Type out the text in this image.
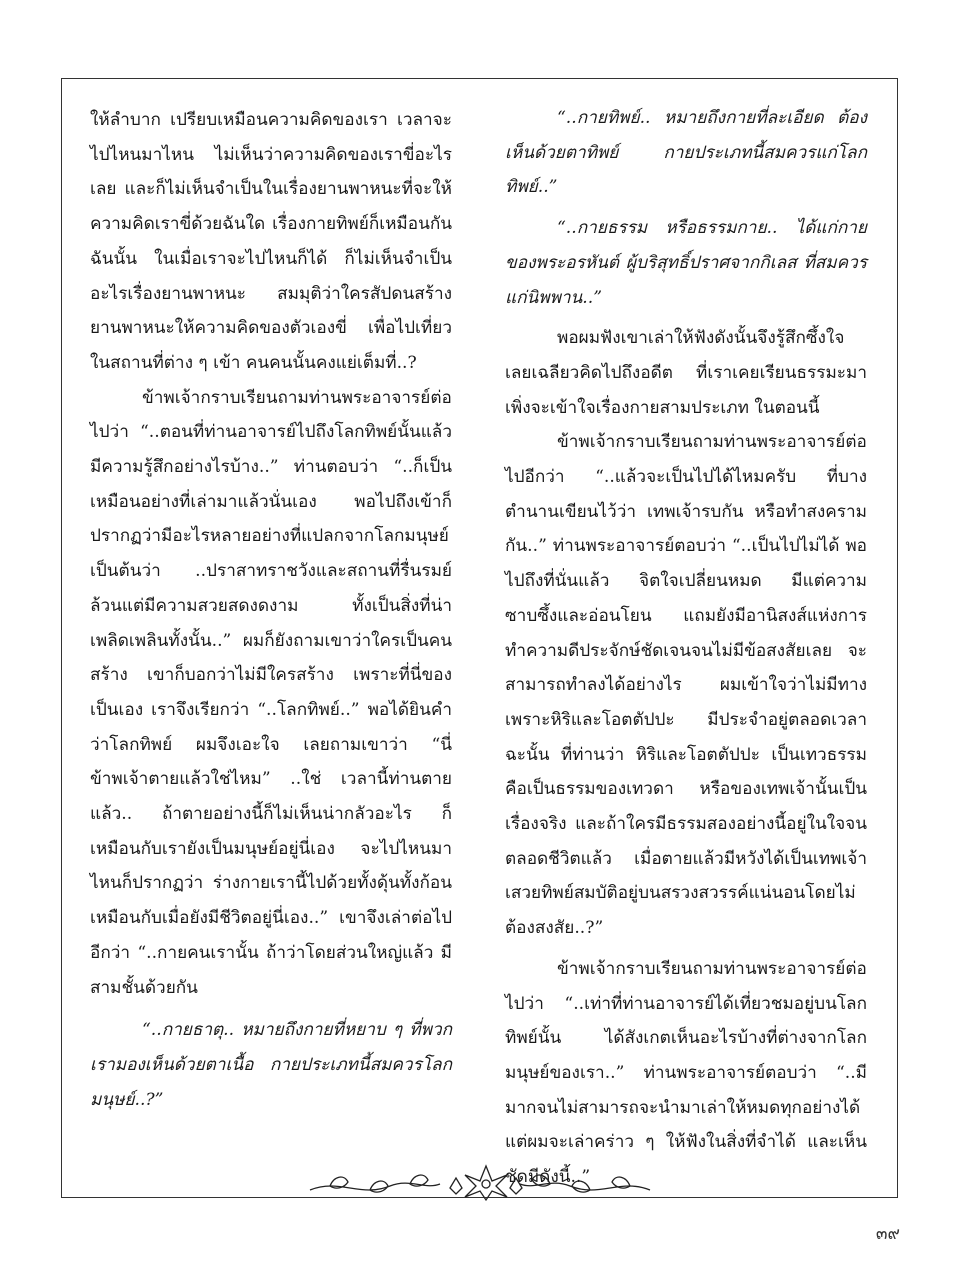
ให้ลำบาก เปรียบเหมือนความคิดของเรา เวลาจะไปไหนมาไหน ไม่เห็นว่าความคิดของเราขี่อะไรเลย และก็ไม่เห็นจำเป็นในเรื่องยานพาหนะที่จะให้ความคิดเราขี่ด้วยฉันใด เรื่องกายทิพย์ก็เหมือนกันฉันนั้น ในเมื่อเราจะไปไหนก็ได้ ก็ไม่เห็นจำเป็นอะไรเรื่องยานพาหนะ สมมุติว่าใครสัปดนสร้างยานพาหนะให้ความคิดของตัวเองขี่ เพื่อไปเที่ยวในสถานที่ต่าง ๆ เข้า คนคนนั้นคงแย่เต็มที่..?

ข้าพเจ้ากราบเรียนถามท่านพระอาจารย์ต่อไปว่า “..ตอนที่ท่านอาจารย์ไปถึงโลกทิพย์นั้นแล้ว มีความรู้สึกอย่างไรบ้าง..” ท่านตอบว่า “..ก็เป็นเหมือนอย่างที่เล่ามาแล้วนั่นเอง พอไปถึงเข้าก็ปรากฏว่ามีอะไรหลายอย่างที่แปลกจากโลกมนุษย์ เป็นต้นว่า ..ปราสาทราชวังและสถานที่รื่นรมย์ล้วนแต่มีความสวยสดงดงาม ทั้งเป็นสิ่งที่น่าเพลิดเพลินทั้งนั้น..” ผมก็ยังถามเขาว่าใครเป็นคนสร้าง เขาก็บอกว่าไม่มีใครสร้าง เพราะที่นี่ของเป็นเอง เราจึงเรียกว่า “..โลกทิพย์..” พอได้ยินคำว่าโลกทิพย์ ผมจึงเอะใจ เลยถามเขาว่า “นี่ข้าพเจ้าตายแล้วใช่ไหม” ..ใช่ เวลานี้ท่านตายแล้ว.. ถ้าตายอย่างนี้ก็ไม่เห็นน่ากลัวอะไร ก็เหมือนกับเรายังเป็นมนุษย์อยู่นี่เอง จะไปไหนมาไหนก็ปรากฏว่า ร่างกายเรานี้ไปด้วยทั้งดุ้นทั้งก้อน เหมือนกับเมื่อยังมีชีวิตอยู่นี่เอง..” เขาจึงเล่าต่อไปอีกว่า “..กายคนเรานั้น ถ้าว่าโดยส่วนใหญ่แล้ว มีสามชั้นด้วยกัน

“..กายธาตุ.. หมายถึงกายที่หยาบ ๆ ที่พวกเรามองเห็นด้วยตาเนื้อ กายประเภทนี้สมควรโลกมนุษย์..?”

“..กายทิพย์.. หมายถึงกายที่ละเอียด ต้องเห็นด้วยตาทิพย์ กายประเภทนี้สมควรแก่โลกทิพย์..”

“..กายธรรม หรือธรรมกาย.. ได้แก่กายของพระอรหันต์ ผู้บริสุทธิ์ปราศจากกิเลส ที่สมควรแก่นิพพาน..”

พอผมฟังเขาเล่าให้ฟังดังนั้นจึงรู้สึกซึ้งใจ เลยเฉลียวคิดไปถึงอดีต ที่เราเคยเรียนธรรมะมา เพิ่งจะเข้าใจเรื่องกายสามประเภท ในตอนนี้

ข้าพเจ้ากราบเรียนถามท่านพระอาจารย์ต่อไปอีกว่า “..แล้วจะเป็นไปได้ไหมครับ ที่บางตำนานเขียนไว้ว่า เทพเจ้ารบกัน หรือทำสงครามกัน..” ท่านพระอาจารย์ตอบว่า “..เป็นไปไม่ได้ พอไปถึงที่นั่นแล้ว จิตใจเปลี่ยนหมด มีแต่ความซาบซึ้งและอ่อนโยน แถมยังมีอานิสงส์แห่งการทำความดีประจักษ์ชัดเจนจนไม่มีข้อสงสัยเลย จะสามารถทำลงได้อย่างไร ผมเข้าใจว่าไม่มีทาง เพราะหิริและโอตตัปปะ มีประจำอยู่ตลอดเวลา ฉะนั้น ที่ท่านว่า หิริและโอตตัปปะ เป็นเทวธรรม คือเป็นธรรมของเทวดา หรือของเทพเจ้านั้นเป็นเรื่องจริง และถ้าใครมีธรรมสองอย่างนี้อยู่ในใจจนตลอดชีวิตแล้ว เมื่อตายแล้วมีหวังได้เป็นเทพเจ้าเสวยทิพย์สมบัติอยู่บนสรวงสวรรค์แน่นอนโดยไม่ต้องสงสัย..?”

ข้าพเจ้ากราบเรียนถามท่านพระอาจารย์ต่อไปว่า “..เท่าที่ท่านอาจารย์ได้เที่ยวชมอยู่บนโลกทิพย์นั้น ได้สังเกตเห็นอะไรบ้างที่ต่างจากโลกมนุษย์ของเรา..” ท่านพระอาจารย์ตอบว่า “..มีมากจนไม่สามารถจะนำมาเล่าให้หมดทุกอย่างได้ แต่ผมจะเล่าคร่าว ๆ ให้ฟังในสิ่งที่จำได้ และเห็นชัดมีดังนี้..”

๓๙
